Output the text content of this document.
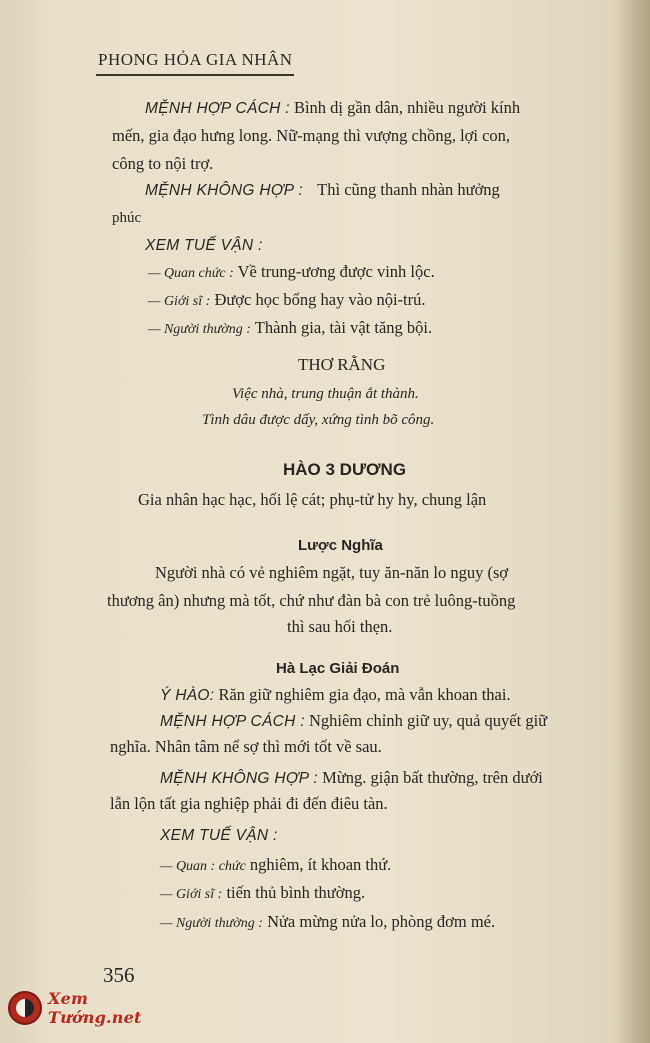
PHONG HỎA GIA NHÂN
MỆNH HỢP CÁCH : Bình dị gần dân, nhiều người kính
mến, gia đạo hưng long. Nữ-mạng thì vượng chồng, lợi con,
công to nội trợ.
MỆNH KHÔNG HỢP : Thì cũng thanh nhàn hưởng
phúc
XEM TUẾ VẬN :
— Quan chức : Về trung-ương được vinh lộc.
— Giới sĩ : Được học bổng hay vào nội-trú.
— Người thường : Thành gia, tài vật tăng bội.
THƠ RẰNG
Việc nhà, trung thuận ắt thành.
Tình dâu được dấy, xứng tình bõ công.
HÀO 3 DƯƠNG
Gia nhân hạc hạc, hối lệ cát; phụ-tử hy hy, chung lận
Lược Nghĩa
Người nhà có vẻ nghiêm ngặt, tuy ăn-năn lo nguy (sợ
thương ân) nhưng mà tốt, chứ như đàn bà con trẻ luông-tuồng
thì sau hối thẹn.
Hà Lạc Giải Đoán
Ý HÀO: Răn giữ nghiêm gia đạo, mà vẫn khoan thai.
MỆNH HỢP CÁCH : Nghiêm chỉnh giữ uy, quả quyết giữ
nghĩa. Nhân tâm nể sợ thì mới tốt về sau.
MỆNH KHÔNG HỢP : Mừng. giận bất thường, trên dưới
lẫn lộn tất gia nghiệp phải đi đến điêu tàn.
XEM TUẾ VẬN :
— Quan : chức nghiêm, ít khoan thứ.
— Giới sĩ : tiến thủ bình thường.
— Người thường : Nửa mừng nửa lo, phòng đơm mé.
356
Xem Tướng.net
